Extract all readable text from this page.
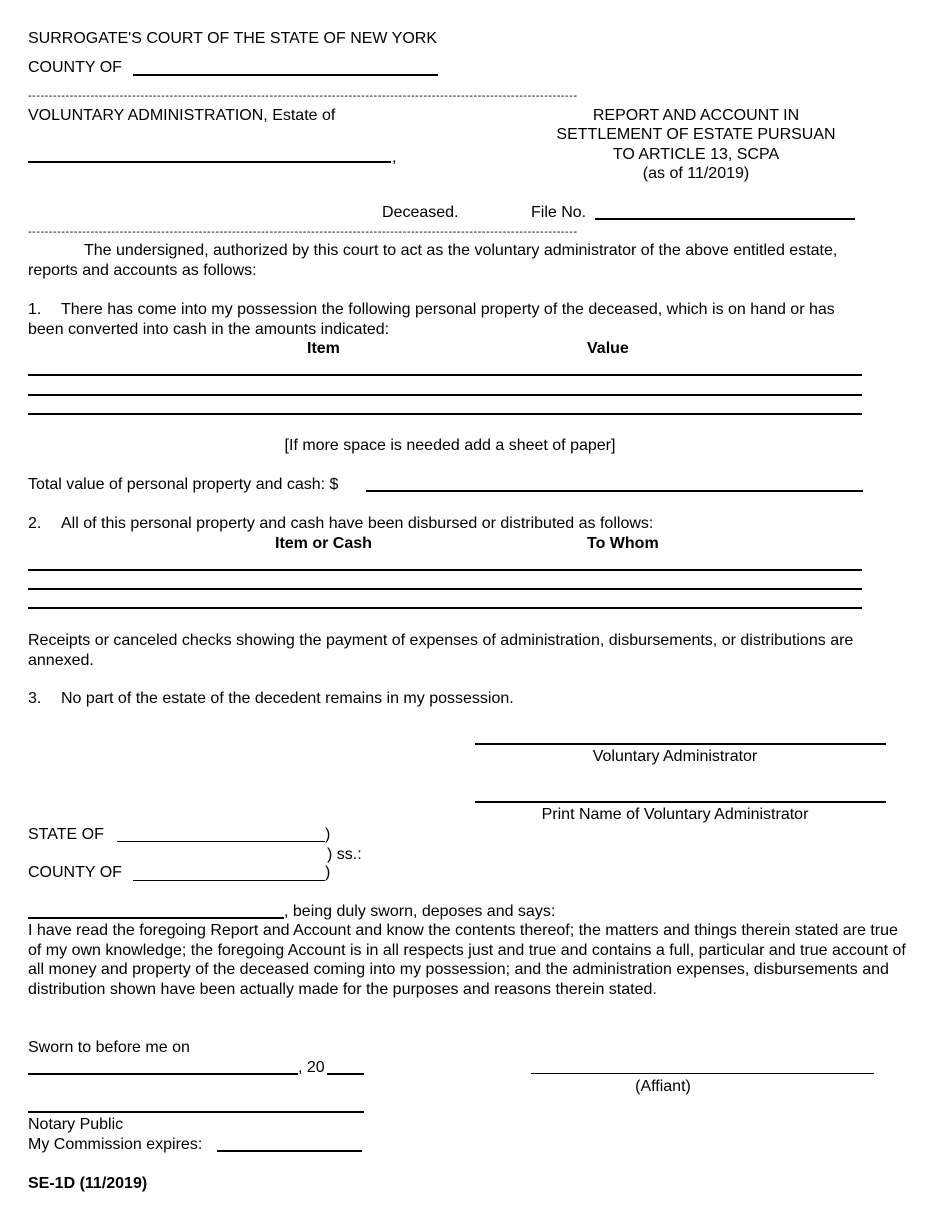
SURROGATE'S COURT OF THE STATE OF NEW YORK
COUNTY OF
------------------------------------------------------------------------------------------------------------------------------------
VOLUNTARY ADMINISTRATION, Estate of
,
Deceased.
REPORT AND ACCOUNT IN
SETTLEMENT OF ESTATE PURSUAN
TO ARTICLE 13, SCPA
(as of 11/2019)
File No.
------------------------------------------------------------------------------------------------------------------------------------
The undersigned, authorized by this court to act as the voluntary administrator of the above entitled estate, reports and accounts as follows:
1.	There has come into my possession the following personal property of the deceased, which is on hand or has been converted into cash in the amounts indicated:
Item	Value
[If more space is needed add a sheet of paper]
Total value of personal property and cash: $
2. All of this personal property and cash have been disbursed or distributed as follows:
Item or Cash	To Whom
Receipts or canceled checks showing the payment of expenses of administration, disbursements, or distributions are annexed.
3. No part of the estate of the decedent remains in my possession.
Voluntary Administrator
Print Name of Voluntary Administrator
STATE OF	)
) ss.:
COUNTY OF	)
, being duly sworn, deposes and says:
I have read the foregoing Report and Account and know the contents thereof; the matters and things therein stated are true of my own knowledge; the foregoing Account is in all respects just and true and contains a full, particular and true account of all money and property of the deceased coming into my possession; and the administration expenses, disbursements and distribution shown have been actually made for the purposes and reasons therein stated.
Sworn to before me on
, 20
(Affiant)
Notary Public
My Commission expires:
SE-1D (11/2019)
